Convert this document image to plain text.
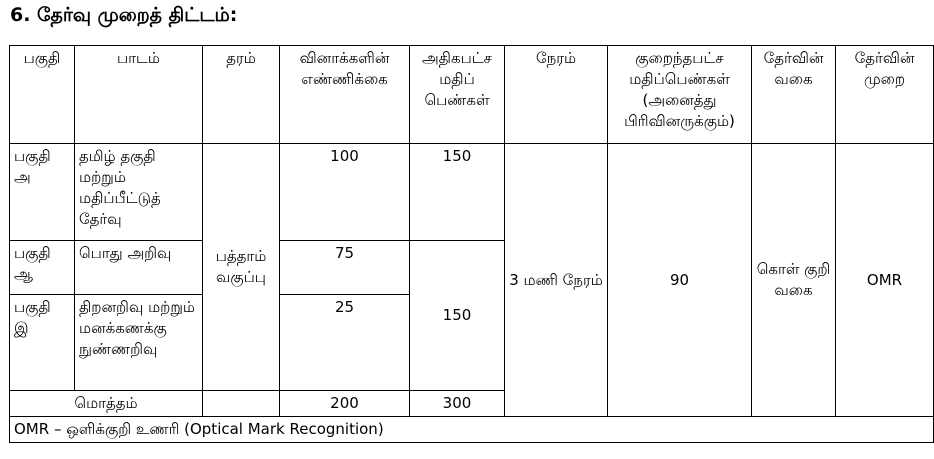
6. தேர்வு முறைத் திட்டம்:
பகுதி	பாடம்	தரம்	வினாக்களின் எண்ணிக்கை	அதிகபட்ச மதிப் பெண்கள்	நேரம்	குறைந்தபட்ச மதிப்பெண்கள் (அனைத்து பிரிவினருக்கும்)	தேர்வின் வகை	தேர்வின் முறை
பகுதி அ	தமிழ் தகுதி மற்றும் மதிப்பீட்டுத் தேர்வு	பத்தாம் வகுப்பு	100	150	3 மணி நேரம்	90	கொள் குறி வகை	OMR
பகுதி ஆ	பொது அறிவு		75	150				
பகுதி இ	திறனறிவு மற்றும் மனக்கணக்கு நுண்ணறிவு		25					
மொத்தம்			200	300				
OMR – ஒளிக்குறி உணரி (Optical Mark Recognition)								
